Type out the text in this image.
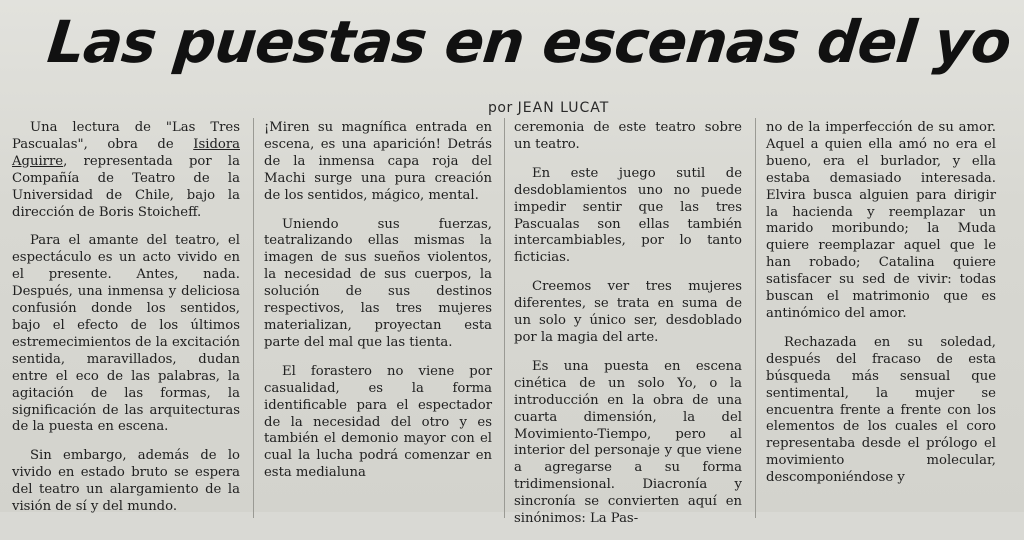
Las puestas en escenas del yo
por JEAN LUCAT

Una lectura de "Las Tres Pascualas", obra de Isidora Aguirre, representada por la Compañía de Teatro de la Universidad de Chile, bajo la dirección de Boris Stoicheff.

Para el amante del teatro, el espectáculo es un acto vivido en el presente. Antes, nada. Después, una inmensa y deliciosa confusión donde los sentidos, bajo el efecto de los últimos estremecimientos de la excitación sentida, maravillados, dudan entre el eco de las palabras, la agitación de las formas, la significación de las arquitecturas de la puesta en escena.

Sin embargo, además de lo vivido en estado bruto se espera del teatro un alargamiento de la visión de sí y del mundo.

¡Miren su magnífica entrada en escena, es una aparición! Detrás de la inmensa capa roja del Machi surge una pura creación de los sentidos, mágico, mental.

Uniendo sus fuerzas, teatralizando ellas mismas la imagen de sus sueños violentos, la necesidad de sus cuerpos, la solución de sus destinos respectivos, las tres mujeres materializan, proyectan esta parte del mal que las tienta.

El forastero no viene por casualidad, es la forma identificable para el espectador de la necesidad del otro y es también el demonio mayor con el cual la lucha podrá comenzar en esta medialuna

ceremonia de este teatro sobre un teatro.

En este juego sutil de desdoblamientos uno no puede impedir sentir que las tres Pascualas son ellas también intercambiables, por lo tanto ficticias.

Creemos ver tres mujeres diferentes, se trata en suma de un solo y único ser, desdoblado por la magia del arte.

Es una puesta en escena cinética de un solo Yo, o la introducción en la obra de una cuarta dimensión, la del Movimiento-Tiempo, pero al interior del personaje y que viene a agregarse a su forma tridimensional. Diacronía y sincronía se convierten aquí en sinónimos: La Pas-

no de la imperfección de su amor. Aquel a quien ella amó no era el bueno, era el burlador, y ella estaba demasiado interesada. Elvira busca alguien para dirigir la hacienda y reemplazar un marido moribundo; la Muda quiere reemplazar aquel que le han robado; Catalina quiere satisfacer su sed de vivir: todas buscan el matrimonio que es antinómico del amor.

Rechazada en su soledad, después del fracaso de esta búsqueda más sensual que sentimental, la mujer se encuentra frente a frente con los elementos de los cuales el coro representaba desde el prólogo el movimiento molecular, descomponiéndose y
